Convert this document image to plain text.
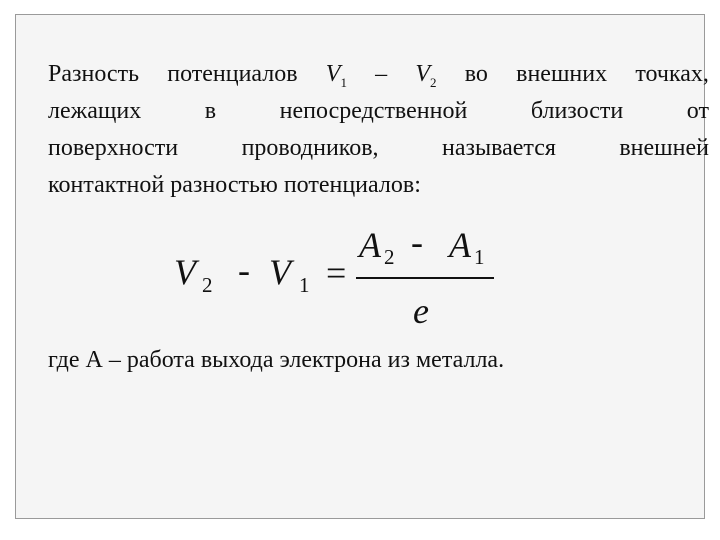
Разность потенциалов $V_1 - V_2$ во внешних точках,
лежащих	в	непосредственной	близости	от
поверхности	проводников,	называется	внешней
контактной разностью потенциалов:
V 2 - V 1 =
A 2 - A 1
e
где А – работа выхода электрона из металла.
